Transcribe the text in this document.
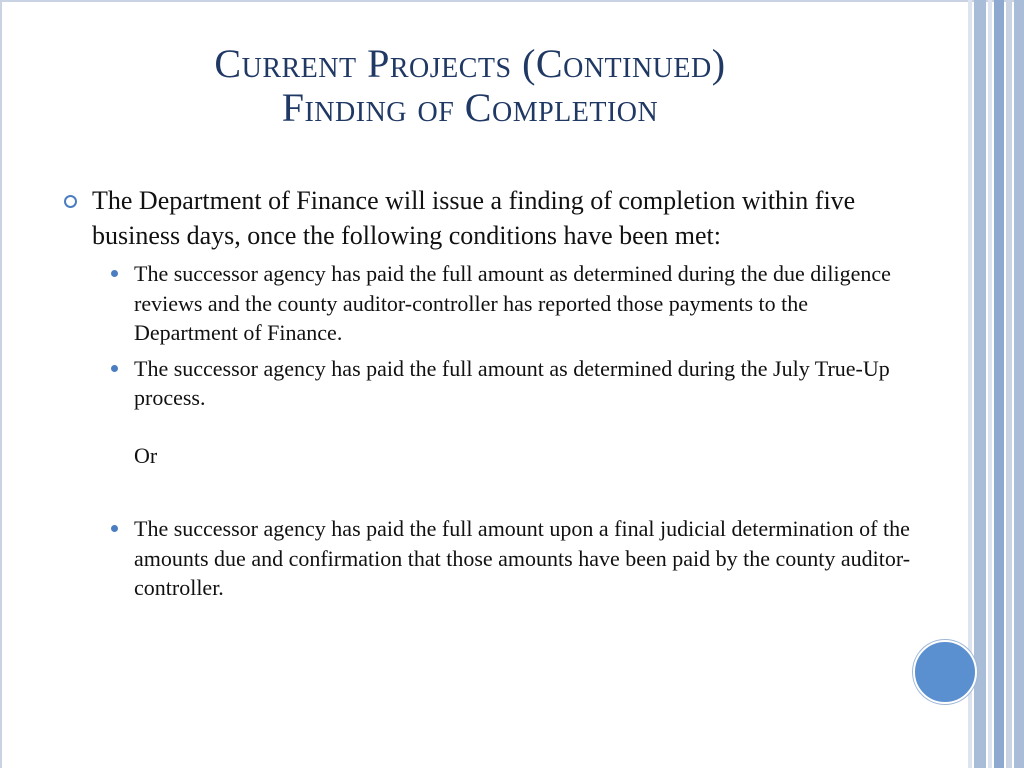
Current Projects (Continued)
Finding of Completion
The Department of Finance will issue a finding of completion within five business days, once the following conditions have been met:
The successor agency has paid the full amount as determined during the due diligence reviews and the county auditor-controller has reported those payments to the Department of Finance.
The successor agency has paid the full amount as determined during the July True-Up process.
Or
The successor agency has paid the full amount upon a final judicial determination of the amounts due and confirmation that those amounts have been paid by the county auditor-controller.
